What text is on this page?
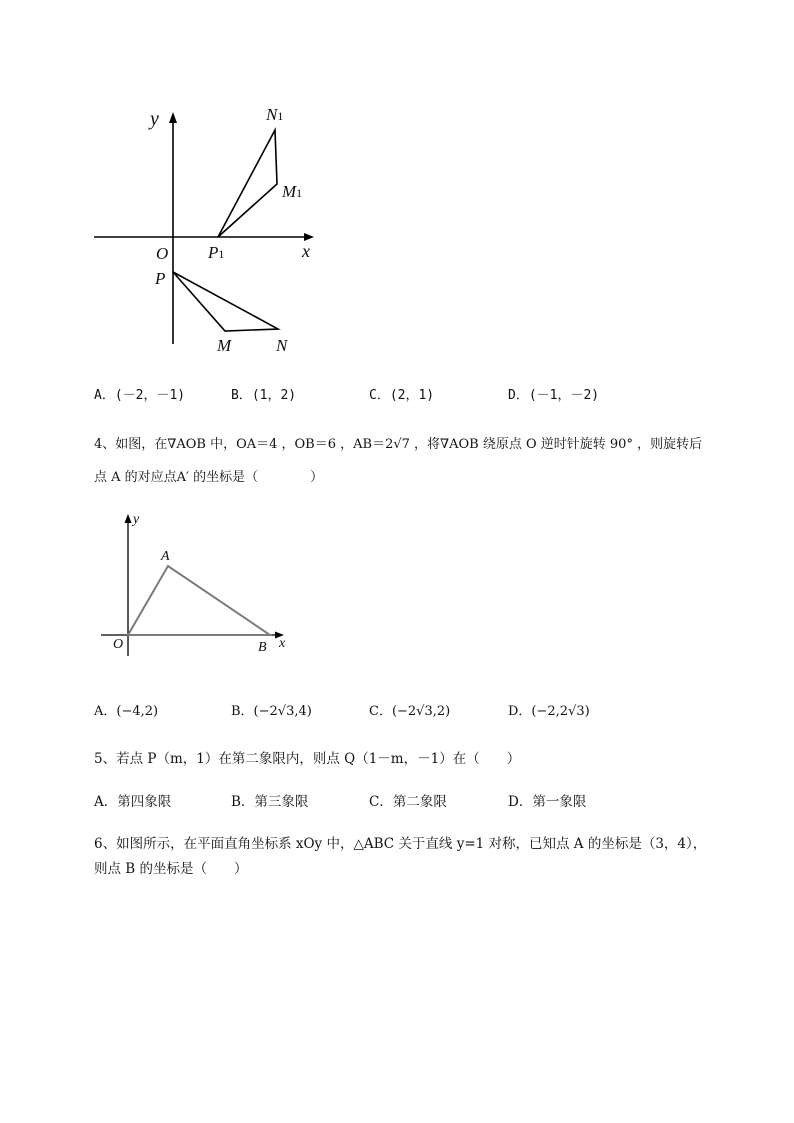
y
x
O
N1
M1
P1
P
M	N
A．(－2，－1)	B．(1，2)	C．(2，1)	D．(－1，－2)
4、如图，在∇AOB 中，OA＝4 ，OB＝6 ，AB＝2√7 ，将∇AOB 绕原点 O 逆时针旋转 90° ，则旋转后
点 A 的对应点A′ 的坐标是（　　　　）
y
x
A
O	B
A．(−4,2)	B．(−2√3,4)	C．(−2√3,2)	D．(−2,2√3)
5、若点 P（m，1）在第二象限内，则点 Q（1－m，－1）在（　　）
A．第四象限	B．第三象限	C．第二象限	D．第一象限
6、如图所示，在平面直角坐标系 xOy 中，△ABC 关于直线 y=1 对称，已知点 A 的坐标是（3，4），
则点 B 的坐标是（　　）
